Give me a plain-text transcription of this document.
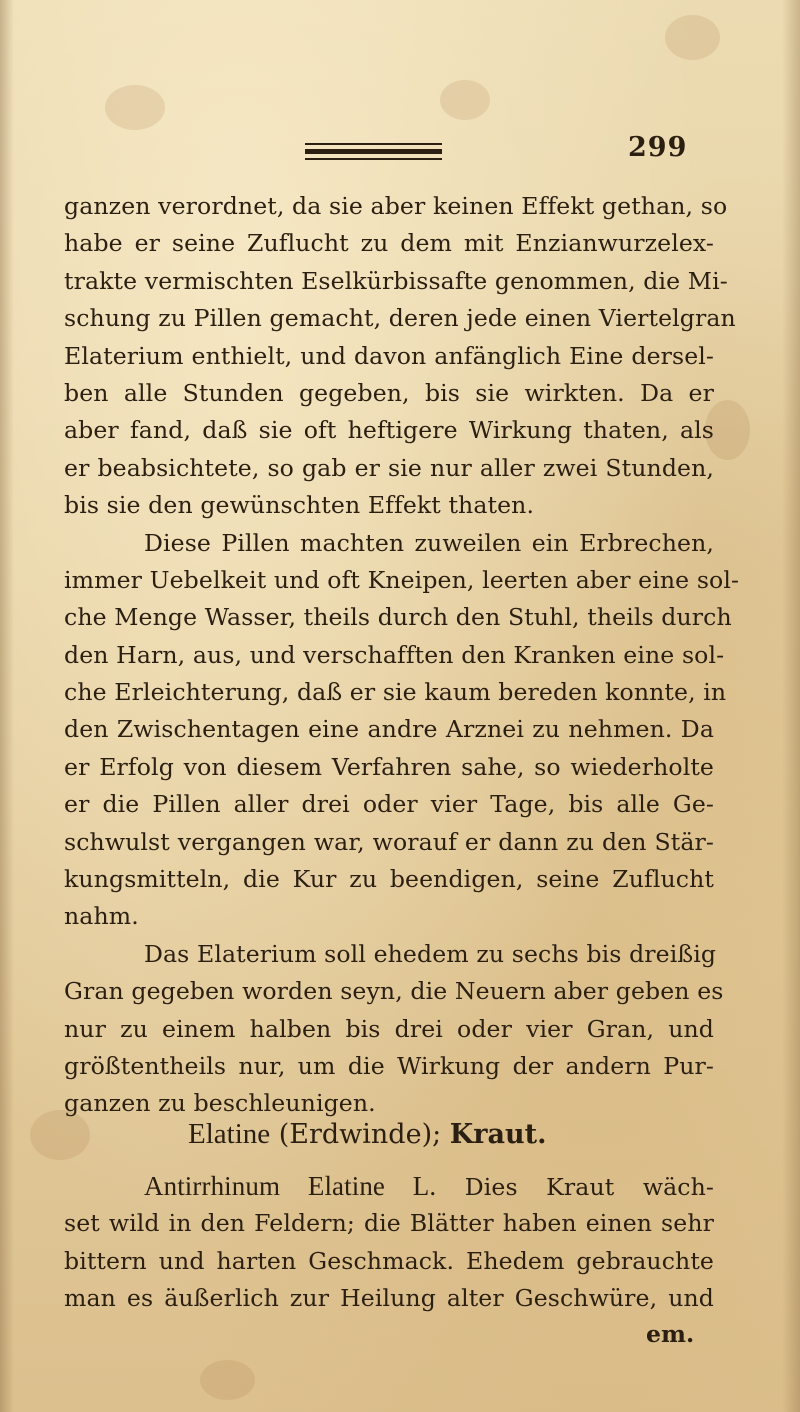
299
ganzen verordnet, da sie aber keinen Effekt gethan, so
habe er seine Zuflucht zu dem mit Enzianwurzelex-
trakte vermischten Eselkürbissafte genommen, die Mi-
schung zu Pillen gemacht, deren jede einen Viertelgran
Elaterium enthielt, und davon anfänglich Eine dersel-
ben alle Stunden gegeben, bis sie wirkten. Da er
aber fand, daß sie oft heftigere Wirkung thaten, als
er beabsichtete, so gab er sie nur aller zwei Stunden,
bis sie den gewünschten Effekt thaten.
Diese Pillen machten zuweilen ein Erbrechen,
immer Uebelkeit und oft Kneipen, leerten aber eine sol-
che Menge Wasser, theils durch den Stuhl, theils durch
den Harn, aus, und verschafften den Kranken eine sol-
che Erleichterung, daß er sie kaum bereden konnte, in
den Zwischentagen eine andre Arznei zu nehmen. Da
er Erfolg von diesem Verfahren sahe, so wiederholte
er die Pillen aller drei oder vier Tage, bis alle Ge-
schwulst vergangen war, worauf er dann zu den Stär-
kungsmitteln, die Kur zu beendigen, seine Zuflucht
nahm.
Das Elaterium soll ehedem zu sechs bis dreißig
Gran gegeben worden seyn, die Neuern aber geben es
nur zu einem halben bis drei oder vier Gran, und
größtentheils nur, um die Wirkung der andern Pur-
ganzen zu beschleunigen.
Elatine (Erdwinde); Kraut.
Antirrhinum Elatine L. Dies Kraut wäch-
set wild in den Feldern; die Blätter haben einen sehr
bittern und harten Geschmack. Ehedem gebrauchte
man es äußerlich zur Heilung alter Geschwüre, und
em.
